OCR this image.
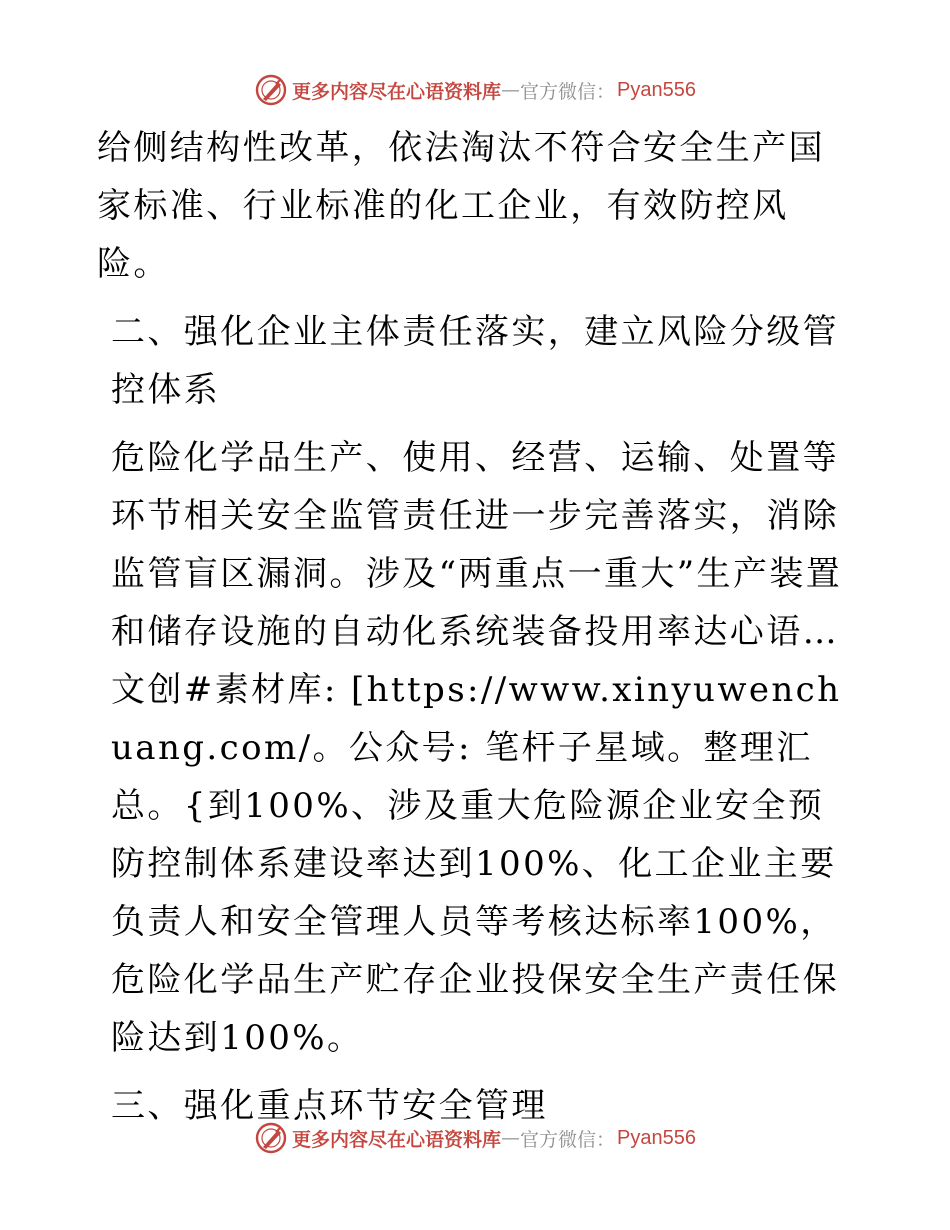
更多内容尽在心语资料库 — 官方微信： Pyan556

给侧结构性改革，依法淘汰不符合安全生产国家标准、行业标准的化工企业，有效防控风险。

二、强化企业主体责任落实，建立风险分级管控体系

危险化学品生产、使用、经营、运输、处置等环节相关安全监管责任进一步完善落实，消除监管盲区漏洞。涉及“两重点一重大”生产装置和储存设施的自动化系统装备投用率达心语…文创#素材库: [https://www.xinyuwenchuang.com/。公众号: 笔杆子星域。整理汇总。{到100%、涉及重大危险源企业安全预防控制体系建设率达到100%、化工企业主要负责人和安全管理人员等考核达标率100%，危险化学品生产贮存企业投保安全生产责任保险达到100%。

三、强化重点环节安全管理

更多内容尽在心语资料库 — 官方微信： Pyan556
